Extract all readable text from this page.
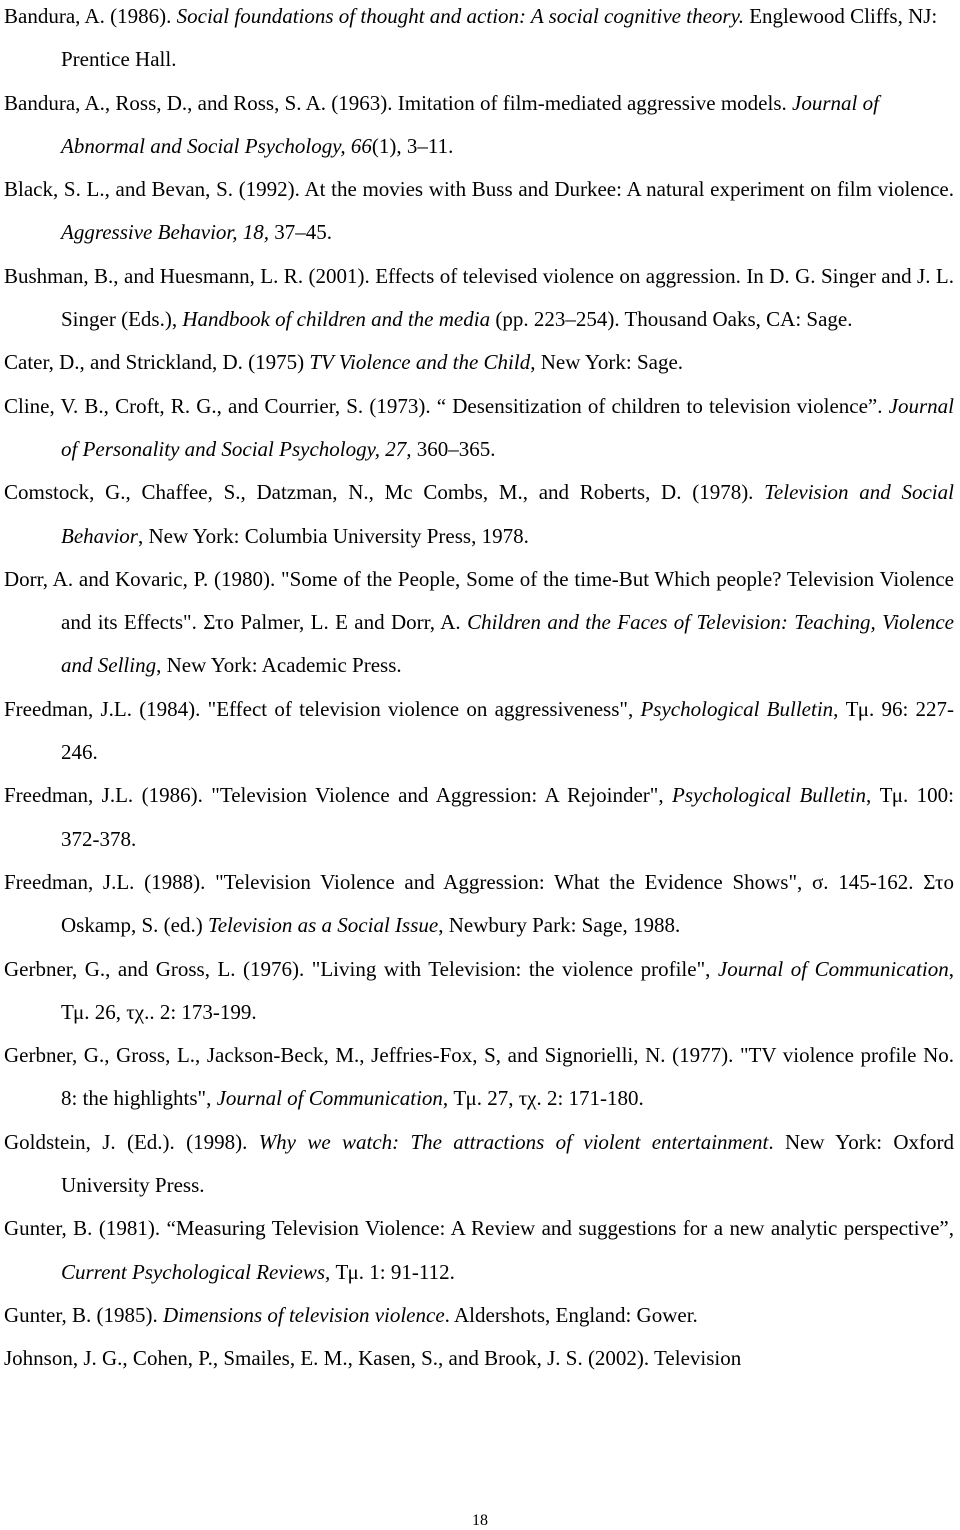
Bandura, A. (1986). Social foundations of thought and action: A social cognitive theory. Englewood Cliffs, NJ: Prentice Hall.
Bandura, A., Ross, D., and Ross, S. A. (1963). Imitation of film-mediated aggressive models. Journal of Abnormal and Social Psychology, 66(1), 3–11.
Black, S. L., and Bevan, S. (1992). At the movies with Buss and Durkee: A natural experiment on film violence. Aggressive Behavior, 18, 37–45.
Bushman, B., and Huesmann, L. R. (2001). Effects of televised violence on aggression. In D. G. Singer and J. L. Singer (Eds.), Handbook of children and the media (pp. 223–254). Thousand Oaks, CA: Sage.
Cater, D., and Strickland, D. (1975) TV Violence and the Child, New York: Sage.
Cline, V. B., Croft, R. G., and Courrier, S. (1973). “ Desensitization of children to television violence”. Journal of Personality and Social Psychology, 27, 360–365.
Comstock, G., Chaffee, S., Datzman, N., Mc Combs, M., and Roberts, D. (1978). Television and Social Behavior, New York: Columbia University Press, 1978.
Dorr, A. and Kovaric, P. (1980). "Some of the People, Some of the time-But Which people? Television Violence and its Effects". Στο Palmer, L. E and Dorr, A. Children and the Faces of Television: Teaching, Violence and Selling, New York: Academic Press.
Freedman, J.L. (1984). "Effect of television violence on aggressiveness", Psychological Bulletin, Τμ. 96: 227-246.
Freedman, J.L. (1986). "Television Violence and Aggression: A Rejoinder", Psychological Bulletin, Τμ. 100: 372-378.
Freedman, J.L. (1988). "Television Violence and Aggression: What the Evidence Shows", σ. 145-162. Στο Oskamp, S. (ed.) Television as a Social Issue, Newbury Park: Sage, 1988.
Gerbner, G., and Gross, L. (1976). "Living with Television: the violence profile", Journal of Communication, Τμ. 26, τχ.. 2: 173-199.
Gerbner, G., Gross, L., Jackson-Beck, M., Jeffries-Fox, S, and Signorielli, N. (1977). "TV violence profile No. 8: the highlights", Journal of Communication, Τμ. 27, τχ. 2: 171-180.
Goldstein, J. (Ed.). (1998). Why we watch: The attractions of violent entertainment. New York: Oxford University Press.
Gunter, B. (1981). “Measuring Television Violence: A Review and suggestions for a new analytic perspective”, Current Psychological Reviews, Τμ. 1: 91-112.
Gunter, B. (1985). Dimensions of television violence. Aldershots, England: Gower.
Johnson, J. G., Cohen, P., Smailes, E. M., Kasen, S., and Brook, J. S. (2002). Television
18
